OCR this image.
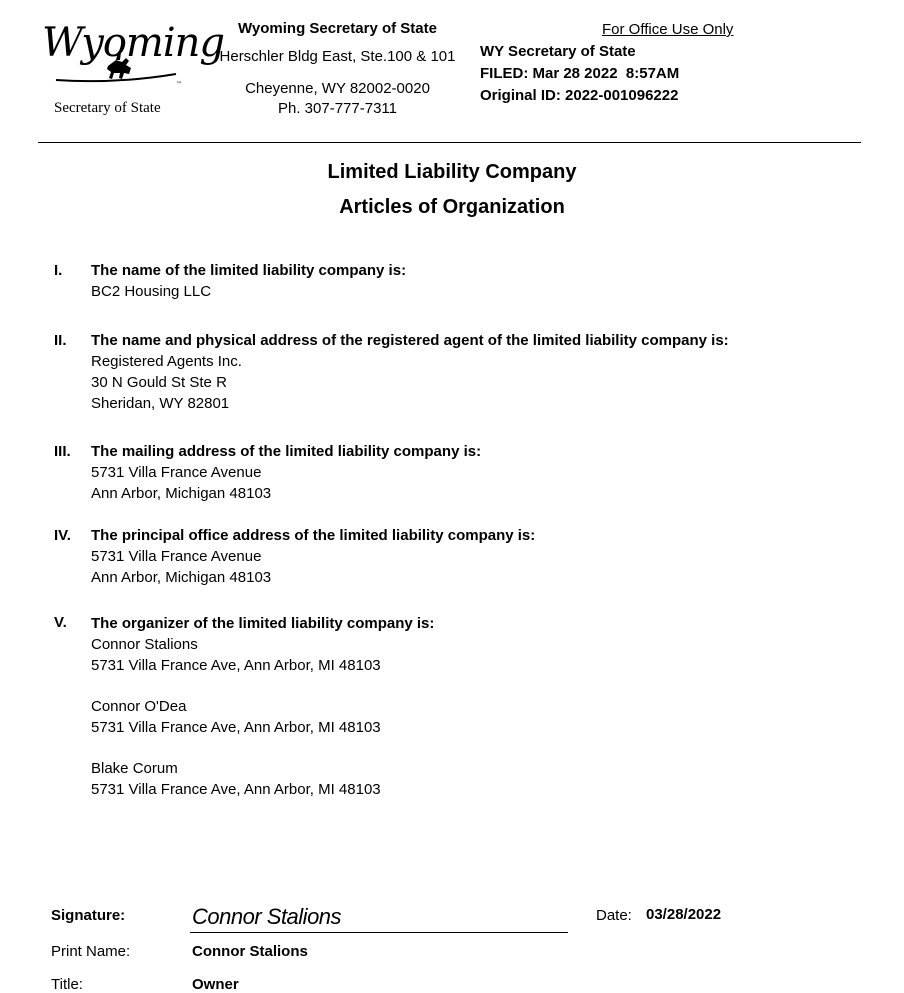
™
Wyoming
Secretary of State
Wyoming Secretary of State
Herschler Bldg East, Ste.100 & 101
Cheyenne, WY 82002-0020
Ph. 307-777-7311
For Office Use Only
WY Secretary of State
FILED: Mar 28 2022  8:57AM
Original ID: 2022-001096222
Limited Liability Company
Articles of Organization
I. The name of the limited liability company is:
BC2 Housing LLC
II. The name and physical address of the registered agent of the limited liability company is:
Registered Agents Inc.
30 N Gould St Ste R
Sheridan, WY 82801
III. The mailing address of the limited liability company is:
5731 Villa France Avenue
Ann Arbor, Michigan 48103
IV. The principal office address of the limited liability company is:
5731 Villa France Avenue
Ann Arbor, Michigan 48103
V. The organizer of the limited liability company is:
Connor Stalions
5731 Villa France Ave, Ann Arbor, MI 48103
Connor O'Dea
5731 Villa France Ave, Ann Arbor, MI 48103
Blake Corum
5731 Villa France Ave, Ann Arbor, MI 48103
Signature:	Connor Stalions	Date: 03/28/2022
Print Name:	Connor Stalions
Title:	Owner
